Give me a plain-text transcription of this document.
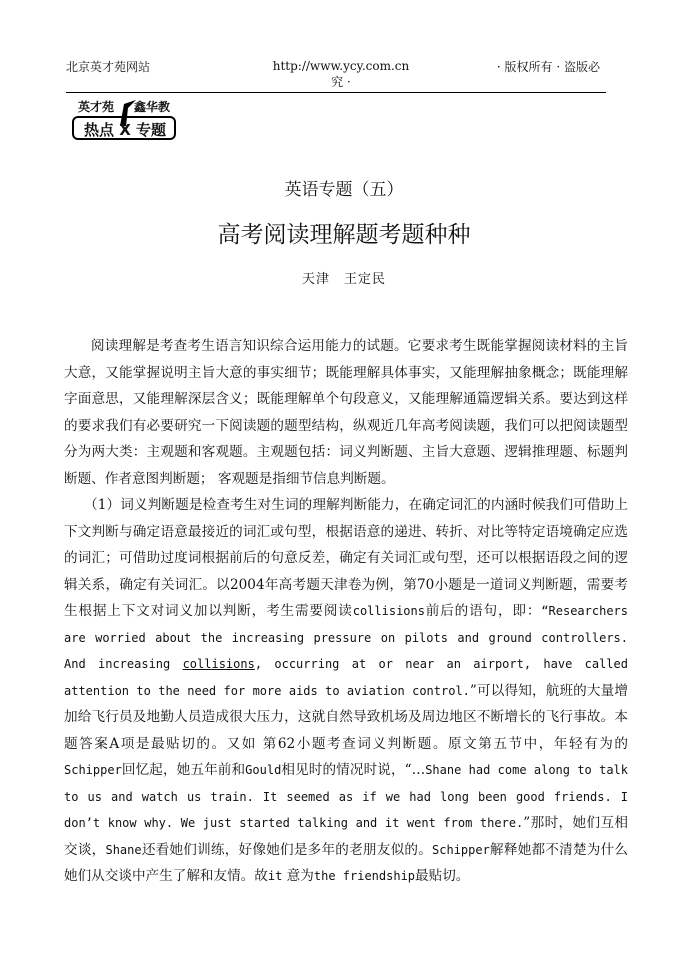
北京英才苑网站	http://www.ycy.com.cn
究 ·
· 版权所有 · 盗版必
英才苑 鑫华教
热点 X 专题
英语专题（五）
高考阅读理解题考题种种
天津　王定民

阅读理解是考查考生语言知识综合运用能力的试题。它要求考生既能掌握阅读材料的主旨大意，又能掌握说明主旨大意的事实细节；既能理解具体事实，又能理解抽象概念；既能理解字面意思，又能理解深层含义；既能理解单个句段意义，又能理解通篇逻辑关系。要达到这样的要求我们有必要研究一下阅读题的题型结构，纵观近几年高考阅读题，我们可以把阅读题型分为两大类：主观题和客观题。主观题包括：词义判断题、主旨大意题、逻辑推理题、标题判断题、作者意图判断题； 客观题是指细节信息判断题。

（1）词义判断题是检查考生对生词的理解判断能力，在确定词汇的内涵时候我们可借助上下文判断与确定语意最接近的词汇或句型，根据语意的递进、转折、对比等特定语境确定应选的词汇；可借助过度词根据前后的句意反差，确定有关词汇或句型，还可以根据语段之间的逻辑关系，确定有关词汇。以2004年高考题天津卷为例，第70小题是一道词义判断题，需要考生根据上下文对词义加以判断，考生需要阅读collisions前后的语句，即：“Researchers are worried about the increasing pressure on pilots and ground controllers. And increasing collisions, occurring at or near an airport, have called attention to the need for more aids to aviation control.”可以得知，航班的大量增加给飞行员及地勤人员造成很大压力，这就自然导致机场及周边地区不断增长的飞行事故。本题答案A项是最贴切的。又如 第62小题考查词义判断题。原文第五节中，年轻有为的Schipper回忆起，她五年前和Gould相见时的情况时说，“…Shane had come along to talk to us and watch us train. It seemed as if we had long been good friends. I don’t know why. We just started talking and it went from there.”那时，她们互相交谈，Shane还看她们训练，好像她们是多年的老朋友似的。Schipper解释她都不清楚为什么她们从交谈中产生了解和友情。故it 意为the friendship最贴切。
